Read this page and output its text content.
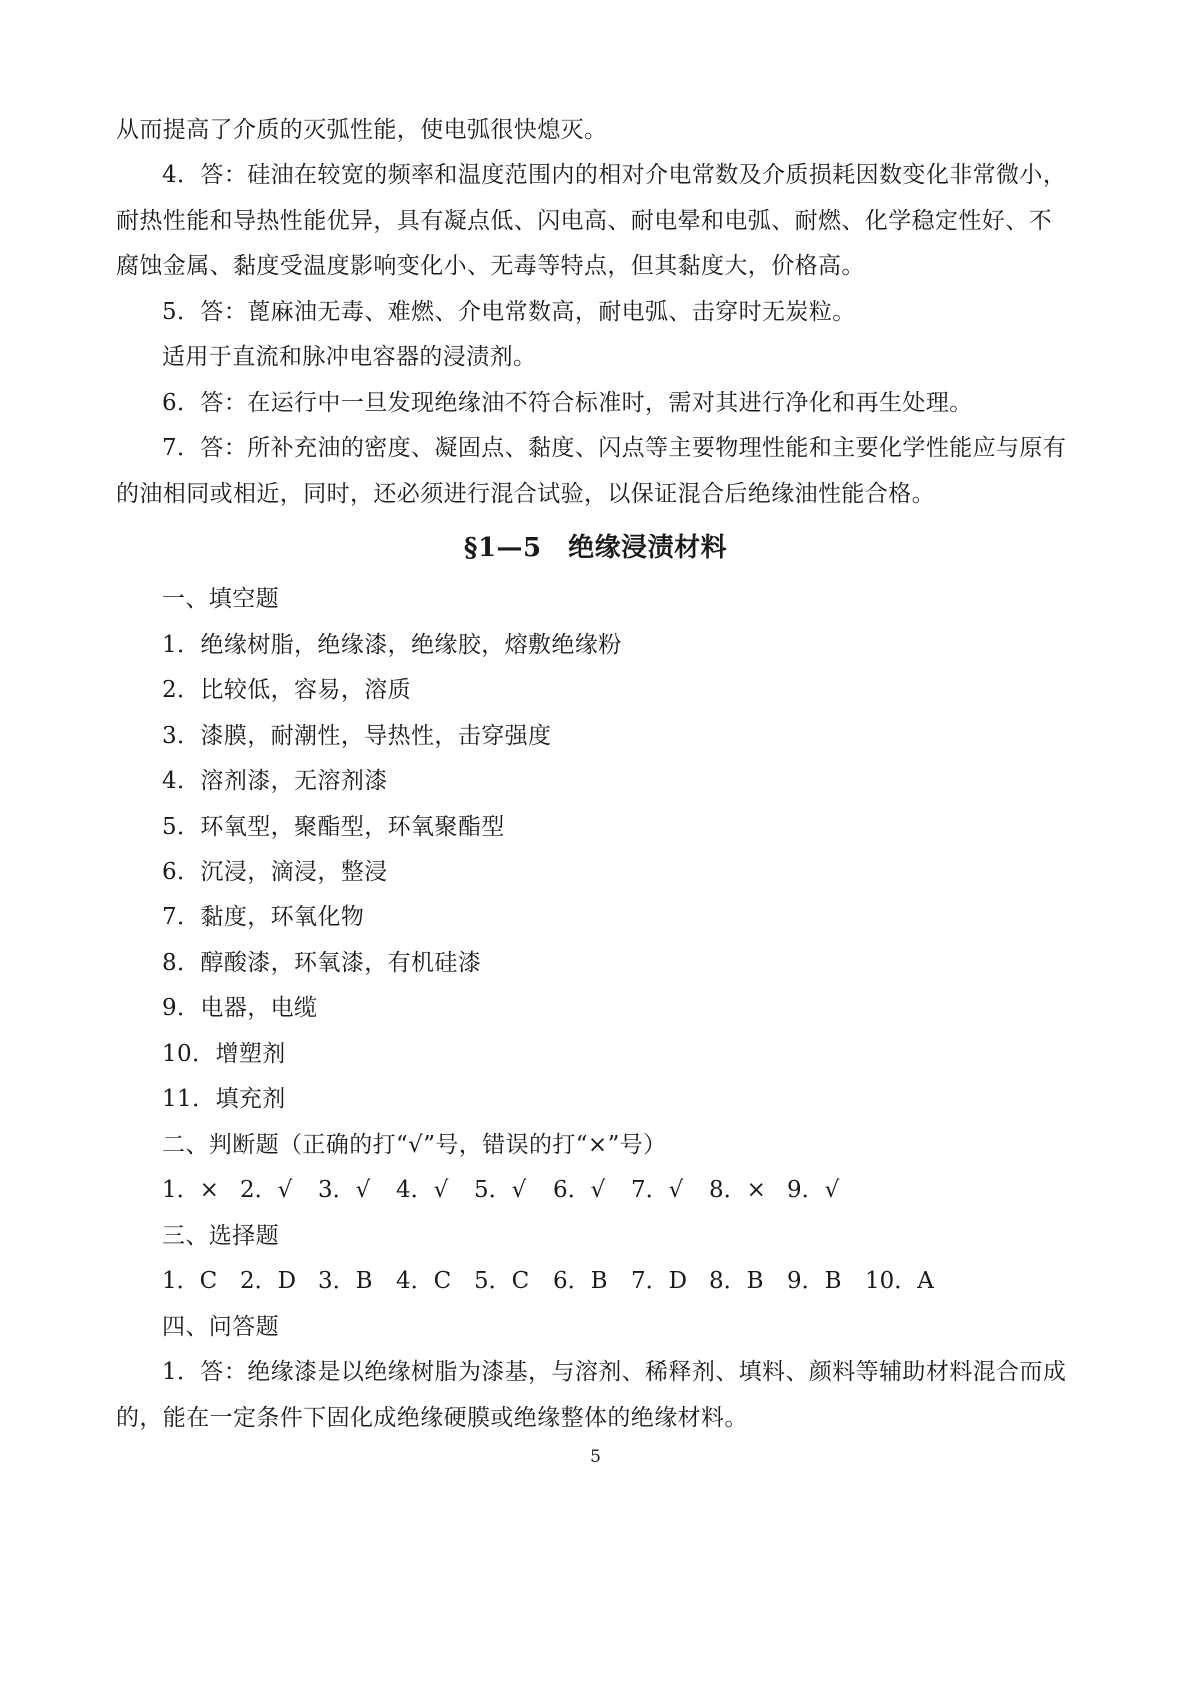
从而提高了介质的灭弧性能，使电弧很快熄灭。
4．答：硅油在较宽的频率和温度范围内的相对介电常数及介质损耗因数变化非常微小，
耐热性能和导热性能优异，具有凝点低、闪电高、耐电晕和电弧、耐燃、化学稳定性好、不
腐蚀金属、黏度受温度影响变化小、无毒等特点，但其黏度大，价格高。
5．答：蓖麻油无毒、难燃、介电常数高，耐电弧、击穿时无炭粒。
适用于直流和脉冲电容器的浸渍剂。
6．答：在运行中一旦发现绝缘油不符合标准时，需对其进行净化和再生处理。
7．答：所补充油的密度、凝固点、黏度、闪点等主要物理性能和主要化学性能应与原有
的油相同或相近，同时，还必须进行混合试验，以保证混合后绝缘油性能合格。
§1—5　绝缘浸渍材料
一、填空题
1．绝缘树脂，绝缘漆，绝缘胶，熔敷绝缘粉
2．比较低，容易，溶质
3．漆膜，耐潮性，导热性，击穿强度
4．溶剂漆，无溶剂漆
5．环氧型，聚酯型，环氧聚酯型
6．沉浸，滴浸，整浸
7．黏度，环氧化物
8．醇酸漆，环氧漆，有机硅漆
9．电器，电缆
10．增塑剂
11．填充剂
二、判断题（正确的打“√”号，错误的打“×”号）
1．× 2．√ 3．√ 4．√ 5．√ 6．√ 7．√ 8．× 9．√
三、选择题
1．C 2．D 3．B 4．C 5．C 6．B 7．D 8．B 9．B 10．A
四、问答题
1．答：绝缘漆是以绝缘树脂为漆基，与溶剂、稀释剂、填料、颜料等辅助材料混合而成
的，能在一定条件下固化成绝缘硬膜或绝缘整体的绝缘材料。
5
